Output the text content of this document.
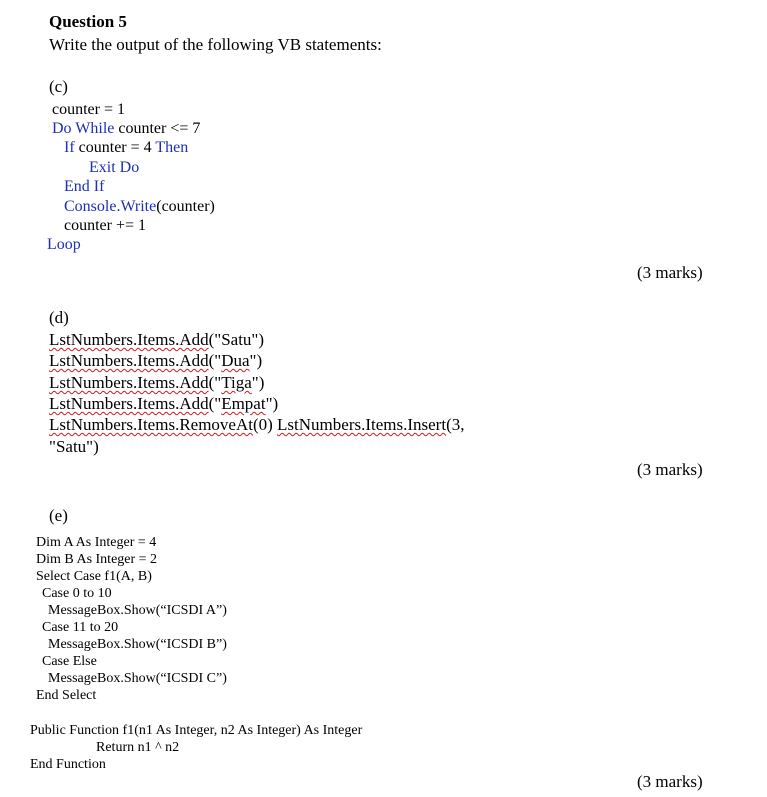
Question 5
Write the output of the following VB statements:
(c)
counter = 1
Do While counter <= 7
If counter = 4 Then
Exit Do
End If
Console.Write(counter)
counter += 1
Loop
(3 marks)
(d)
LstNumbers.Items.Add("Satu")
LstNumbers.Items.Add("Dua")
LstNumbers.Items.Add("Tiga")
LstNumbers.Items.Add("Empat")
LstNumbers.Items.RemoveAt(0) LstNumbers.Items.Insert(3,
"Satu")
(3 marks)
(e)
Dim A As Integer = 4
Dim B As Integer = 2
Select Case f1(A, B)
Case 0 to 10
MessageBox.Show(“ICSDI A”)
Case 11 to 20
MessageBox.Show(“ICSDI B”)
Case Else
MessageBox.Show(“ICSDI C”)
End Select
Public Function f1(n1 As Integer, n2 As Integer) As Integer
Return n1 ^ n2
End Function
(3 marks)
